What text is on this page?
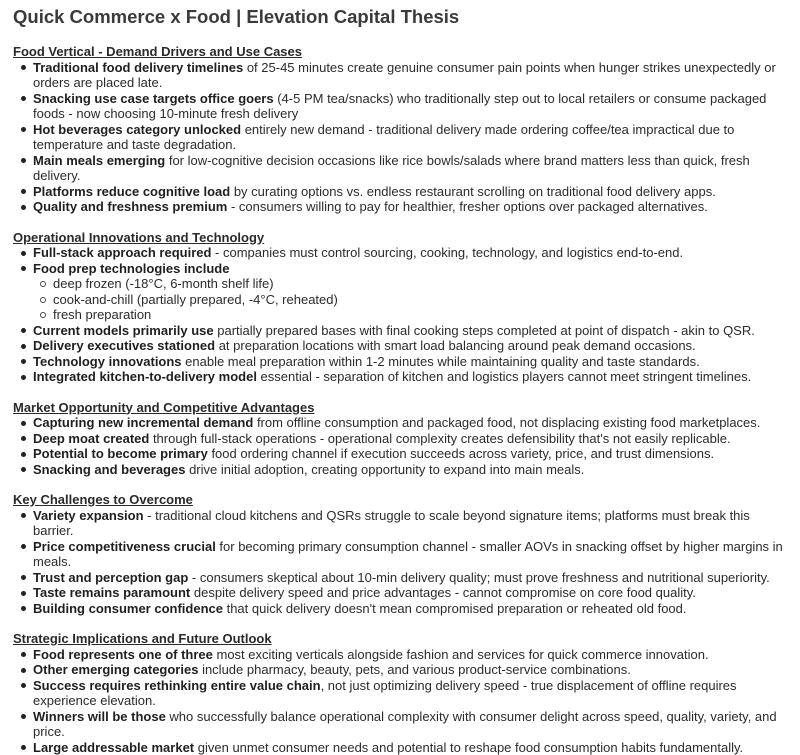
Quick Commerce x Food | Elevation Capital Thesis
Food Vertical - Demand Drivers and Use Cases
Traditional food delivery timelines of 25-45 minutes create genuine consumer pain points when hunger strikes unexpectedly or orders are placed late.
Snacking use case targets office goers (4-5 PM tea/snacks) who traditionally step out to local retailers or consume packaged foods - now choosing 10-minute fresh delivery
Hot beverages category unlocked entirely new demand - traditional delivery made ordering coffee/tea impractical due to temperature and taste degradation.
Main meals emerging for low-cognitive decision occasions like rice bowls/salads where brand matters less than quick, fresh delivery.
Platforms reduce cognitive load by curating options vs. endless restaurant scrolling on traditional food delivery apps.
Quality and freshness premium - consumers willing to pay for healthier, fresher options over packaged alternatives.
Operational Innovations and Technology
Full-stack approach required - companies must control sourcing, cooking, technology, and logistics end-to-end.
Food prep technologies include
deep frozen (-18°C, 6-month shelf life)
cook-and-chill (partially prepared, -4°C, reheated)
fresh preparation
Current models primarily use partially prepared bases with final cooking steps completed at point of dispatch - akin to QSR.
Delivery executives stationed at preparation locations with smart load balancing around peak demand occasions.
Technology innovations enable meal preparation within 1-2 minutes while maintaining quality and taste standards.
Integrated kitchen-to-delivery model essential - separation of kitchen and logistics players cannot meet stringent timelines.
Market Opportunity and Competitive Advantages
Capturing new incremental demand from offline consumption and packaged food, not displacing existing food marketplaces.
Deep moat created through full-stack operations - operational complexity creates defensibility that's not easily replicable.
Potential to become primary food ordering channel if execution succeeds across variety, price, and trust dimensions.
Snacking and beverages drive initial adoption, creating opportunity to expand into main meals.
Key Challenges to Overcome
Variety expansion - traditional cloud kitchens and QSRs struggle to scale beyond signature items; platforms must break this barrier.
Price competitiveness crucial for becoming primary consumption channel - smaller AOVs in snacking offset by higher margins in meals.
Trust and perception gap - consumers skeptical about 10-min delivery quality; must prove freshness and nutritional superiority.
Taste remains paramount despite delivery speed and price advantages - cannot compromise on core food quality.
Building consumer confidence that quick delivery doesn't mean compromised preparation or reheated old food.
Strategic Implications and Future Outlook
Food represents one of three most exciting verticals alongside fashion and services for quick commerce innovation.
Other emerging categories include pharmacy, beauty, pets, and various product-service combinations.
Success requires rethinking entire value chain, not just optimizing delivery speed - true displacement of offline requires experience elevation.
Winners will be those who successfully balance operational complexity with consumer delight across speed, quality, variety, and price.
Large addressable market given unmet consumer needs and potential to reshape food consumption habits fundamentally.
